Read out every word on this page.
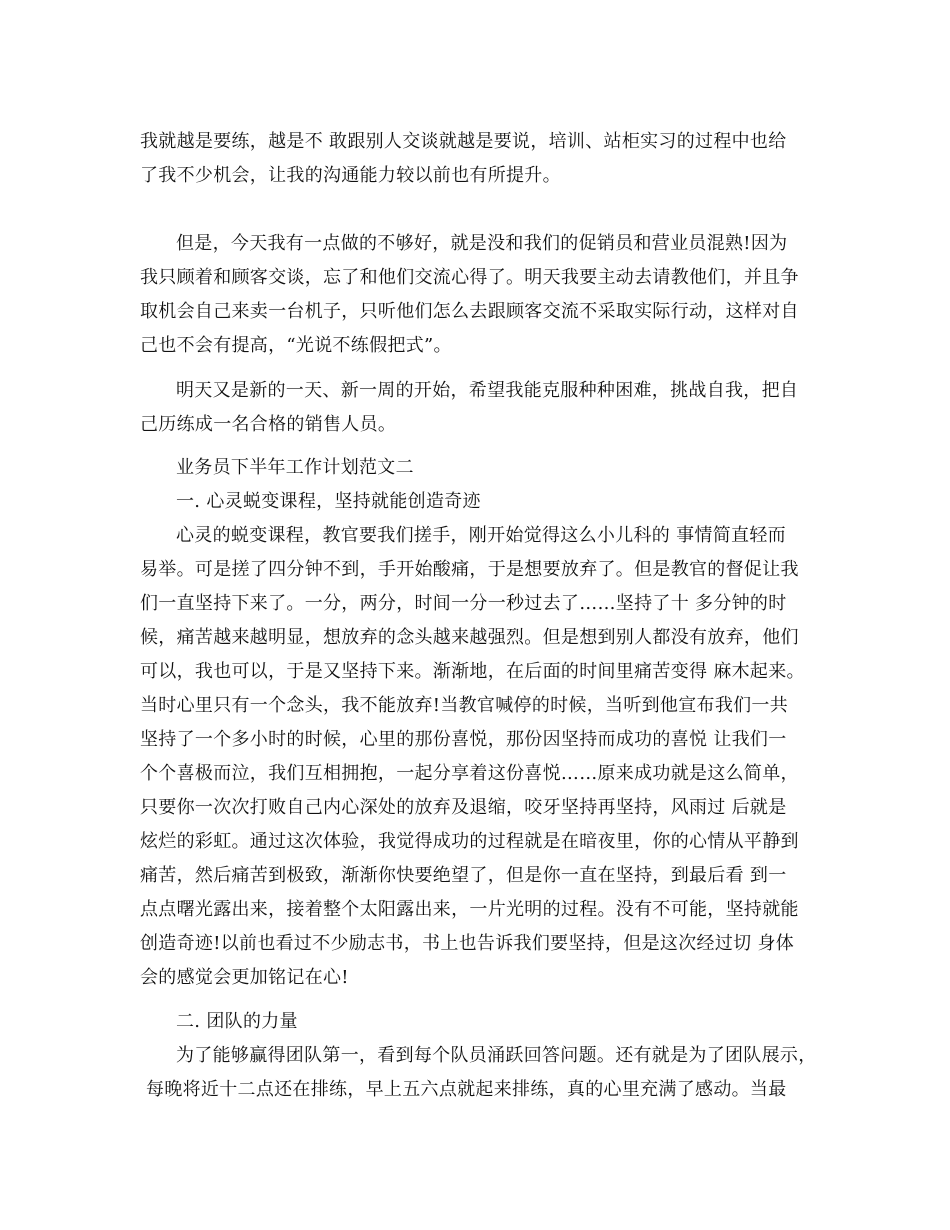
我就越是要练，越是不 敢跟别人交谈就越是要说，培训、站柜实习的过程中也给
了我不少机会，让我的沟通能力较以前也有所提升。
但是，今天我有一点做的不够好，就是没和我们的促销员和营业员混熟!因为
我只顾着和顾客交谈，忘了和他们交流心得了。明天我要主动去请教他们，并且争
取机会自己来卖一台机子，只听他们怎么去跟顾客交流不采取实际行动，这样对自
己也不会有提高，“光说不练假把式”。
明天又是新的一天、新一周的开始，希望我能克服种种困难，挑战自我，把自
己历练成一名合格的销售人员。
业务员下半年工作计划范文二
一. 心灵蜕变课程，坚持就能创造奇迹
心灵的蜕变课程，教官要我们搓手，刚开始觉得这么小儿科的 事情简直轻而
易举。可是搓了四分钟不到，手开始酸痛，于是想要放弃了。但是教官的督促让我
们一直坚持下来了。一分，两分，时间一分一秒过去了……坚持了十 多分钟的时
候，痛苦越来越明显，想放弃的念头越来越强烈。但是想到别人都没有放弃，他们
可以，我也可以，于是又坚持下来。渐渐地，在后面的时间里痛苦变得 麻木起来。
当时心里只有一个念头，我不能放弃!当教官喊停的时候，当听到他宣布我们一共
坚持了一个多小时的时候，心里的那份喜悦，那份因坚持而成功的喜悦 让我们一
个个喜极而泣，我们互相拥抱，一起分享着这份喜悦……原来成功就是这么简单，
只要你一次次打败自己内心深处的放弃及退缩，咬牙坚持再坚持，风雨过 后就是
炫烂的彩虹。通过这次体验，我觉得成功的过程就是在暗夜里，你的心情从平静到
痛苦，然后痛苦到极致，渐渐你快要绝望了，但是你一直在坚持，到最后看 到一
点点曙光露出来，接着整个太阳露出来，一片光明的过程。没有不可能，坚持就能
创造奇迹!以前也看过不少励志书，书上也告诉我们要坚持，但是这次经过切 身体
会的感觉会更加铭记在心!
二. 团队的力量
为了能够赢得团队第一，看到每个队员涌跃回答问题。还有就是为了团队展示，
每晚将近十二点还在排练，早上五六点就起来排练，真的心里充满了感动。当最
